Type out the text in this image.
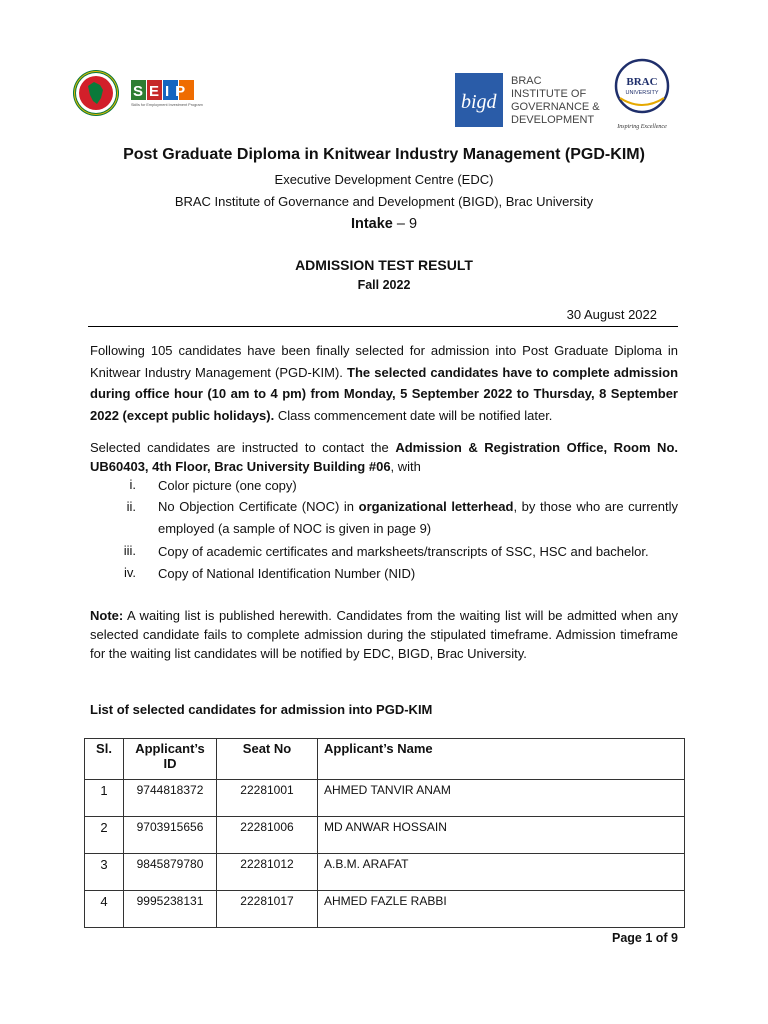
SEIP
Skills for Employment Investment Program	bigd
BRAC
INSTITUTE OF
GOVERNANCE &
DEVELOPMENT
BRAC
UNIVERSITY
Inspiring Excellence
Post Graduate Diploma in Knitwear Industry Management (PGD-KIM)
Executive Development Centre (EDC)
BRAC Institute of Governance and Development (BIGD), Brac University
Intake – 9
ADMISSION TEST RESULT
Fall 2022
30 August 2022
Following 105 candidates have been finally selected for admission into Post Graduate Diploma in Knitwear Industry Management (PGD-KIM). The selected candidates have to complete admission during office hour (10 am to 4 pm) from Monday, 5 September 2022 to Thursday, 8 September 2022 (except public holidays). Class commencement date will be notified later.
Selected candidates are instructed to contact the Admission & Registration Office, Room No. UB60403, 4th Floor, Brac University Building #06, with
i. Color picture (one copy)
ii. No Objection Certificate (NOC) in organizational letterhead, by those who are currently employed (a sample of NOC is given in page 9)
iii. Copy of academic certificates and marksheets/transcripts of SSC, HSC and bachelor.
iv. Copy of National Identification Number (NID)
Note: A waiting list is published herewith. Candidates from the waiting list will be admitted when any selected candidate fails to complete admission during the stipulated timeframe. Admission timeframe for the waiting list candidates will be notified by EDC, BIGD, Brac University.
List of selected candidates for admission into PGD-KIM
Sl.	Applicant’s ID	Seat No	Applicant’s Name
1	9744818372	22281001	AHMED TANVIR ANAM
2	9703915656	22281006	MD ANWAR HOSSAIN
3	9845879780	22281012	A.B.M. ARAFAT
4	9995238131	22281017	AHMED FAZLE RABBI
Page 1 of 9
